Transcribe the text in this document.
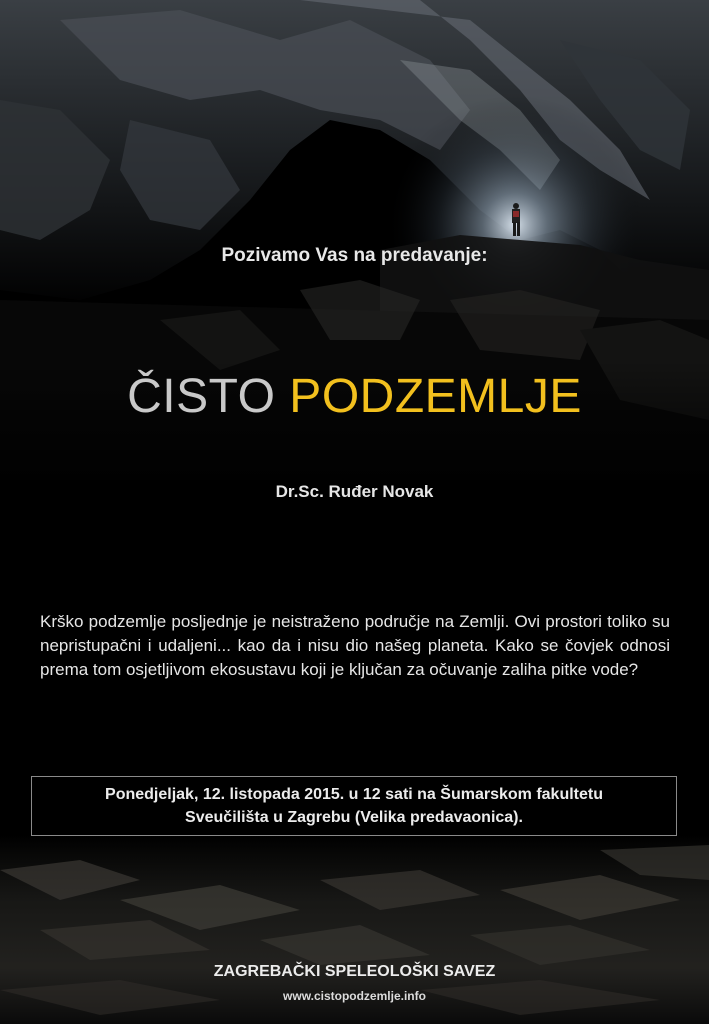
Pozivamo Vas na predavanje:
ČISTO PODZEMLJE
Dr.Sc. Ruđer Novak
Krško podzemlje posljednje je neistraženo područje na Zemlji. Ovi prostori toliko su nepristupačni i udaljeni... kao da i nisu dio našeg planeta. Kako se čovjek odnosi prema tom osjetljivom ekosustavu koji je ključan za očuvanje zaliha pitke vode?
Ponedjeljak, 12. listopada 2015. u 12 sati na Šumarskom fakultetu
Sveučilišta u Zagrebu (Velika predavaonica).
ZAGREBAČKI SPELEOLOŠKI SAVEZ
www.cistopodzemlje.info
